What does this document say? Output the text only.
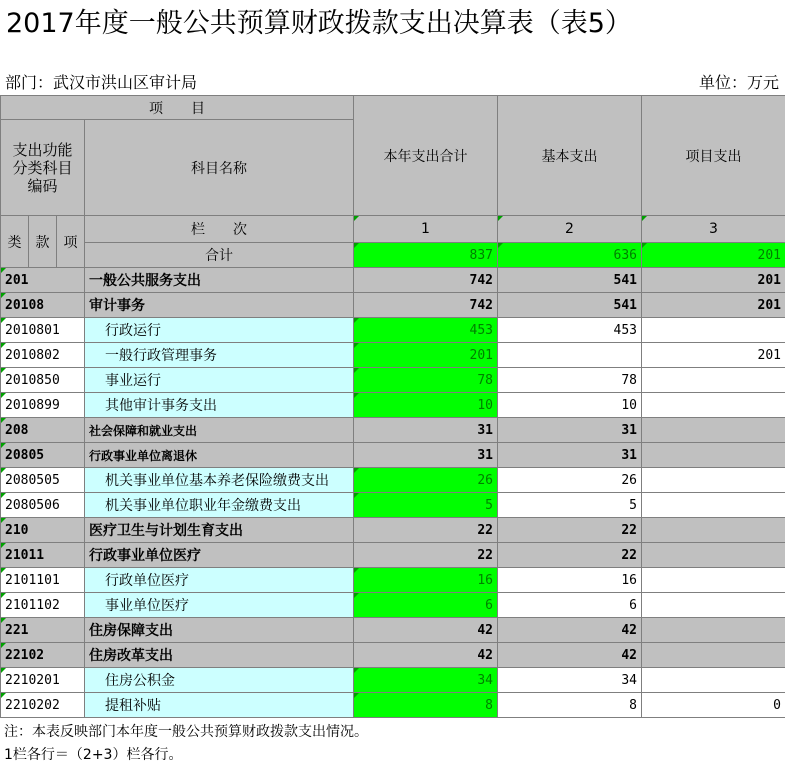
2017年度一般公共预算财政拨款支出决算表（表5）
部门：武汉市洪山区审计局	单位：万元
项　　目				本年支出合计	基本支出	项目支出
支出功能分类科目编码			科目名称			
类	款	项	栏　　次	1	2	3
			合计	837	636	201
201			一般公共服务支出	742	541	201
20108			审计事务	742	541	201
2010801			行政运行	453	453	
2010802			一般行政管理事务	201		201
2010850			事业运行	78	78	
2010899			其他审计事务支出	10	10	
208			社会保障和就业支出	31	31	
20805			行政事业单位离退休	31	31	
2080505			机关事业单位基本养老保险缴费支出	26	26	
2080506			机关事业单位职业年金缴费支出	5	5	
210			医疗卫生与计划生育支出	22	22	
21011			行政事业单位医疗	22	22	
2101101			行政单位医疗	16	16	
2101102			事业单位医疗	6	6	
221			住房保障支出	42	42	
22102			住房改革支出	42	42	
2210201			住房公积金	34	34	
2210202			提租补贴	8	8	0
注：本表反映部门本年度一般公共预算财政拨款支出情况。
1栏各行＝（2+3）栏各行。
